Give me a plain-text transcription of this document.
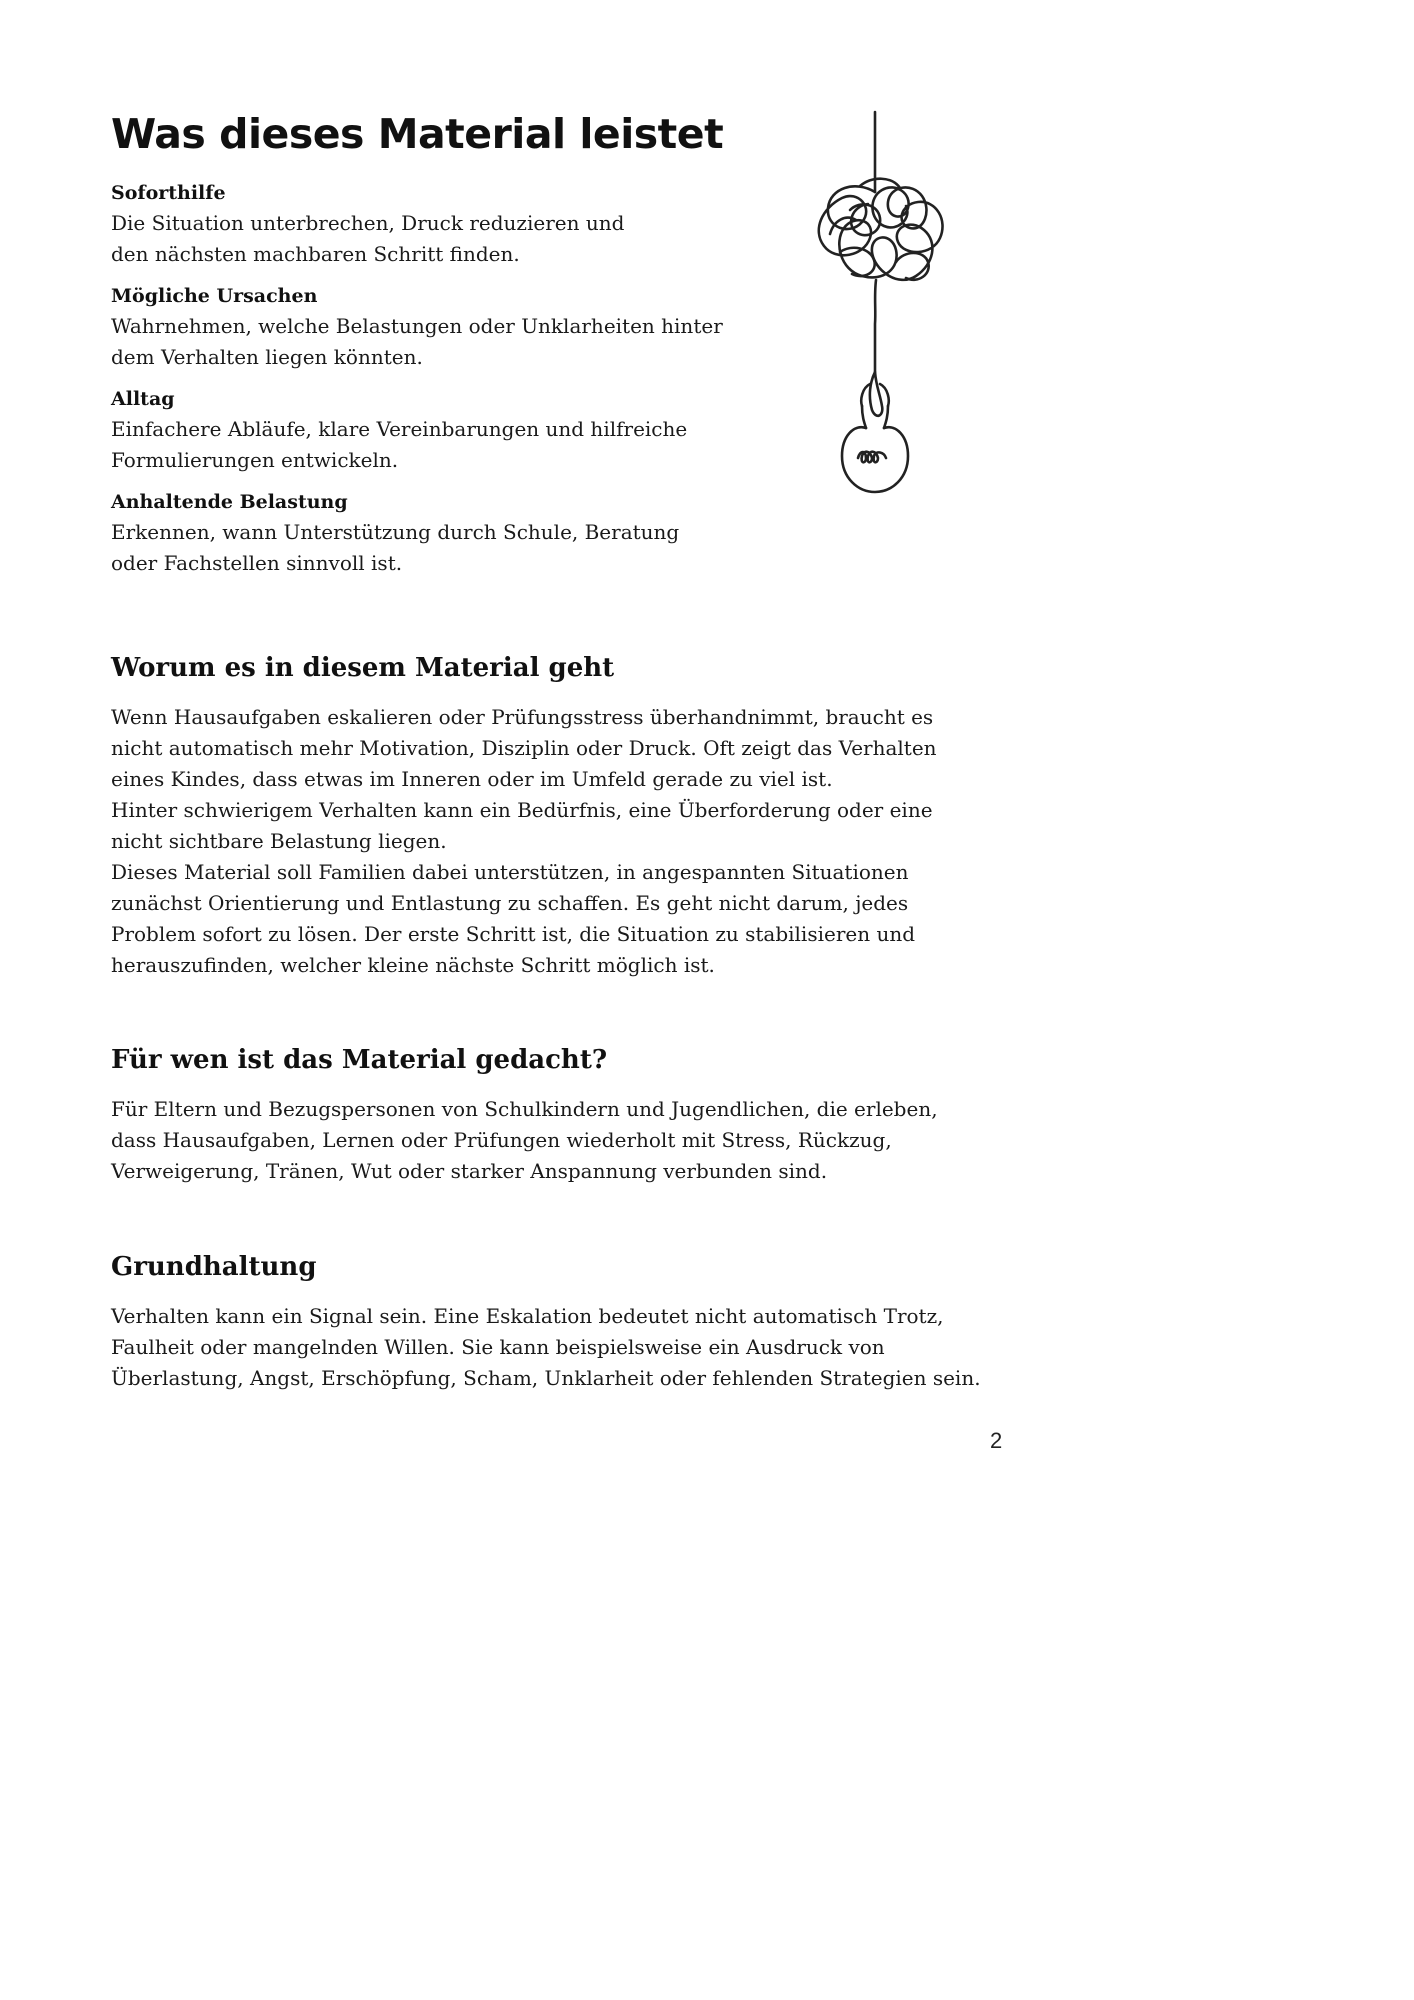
Was dieses Material leistet
Soforthilfe
Die Situation unterbrechen, Druck reduzieren und
den nächsten machbaren Schritt finden.
Mögliche Ursachen
Wahrnehmen, welche Belastungen oder Unklarheiten hinter
dem Verhalten liegen könnten.
Alltag
Einfachere Abläufe, klare Vereinbarungen und hilfreiche
Formulierungen entwickeln.
Anhaltende Belastung
Erkennen, wann Unterstützung durch Schule, Beratung
oder Fachstellen sinnvoll ist.
Worum es in diesem Material geht

Wenn Hausaufgaben eskalieren oder Prüfungsstress überhandnimmt, braucht es

nicht automatisch mehr Motivation, Disziplin oder Druck. Oft zeigt das Verhalten

eines Kindes, dass etwas im Inneren oder im Umfeld gerade zu viel ist.

Hinter schwierigem Verhalten kann ein Bedürfnis, eine Überforderung oder eine

nicht sichtbare Belastung liegen.

Dieses Material soll Familien dabei unterstützen, in angespannten Situationen

zunächst Orientierung und Entlastung zu schaffen. Es geht nicht darum, jedes

Problem sofort zu lösen. Der erste Schritt ist, die Situation zu stabilisieren und

herauszufinden, welcher kleine nächste Schritt möglich ist.

Für wen ist das Material gedacht?

Für Eltern und Bezugspersonen von Schulkindern und Jugendlichen, die erleben,

dass Hausaufgaben, Lernen oder Prüfungen wiederholt mit Stress, Rückzug,

Verweigerung, Tränen, Wut oder starker Anspannung verbunden sind.

Grundhaltung

Verhalten kann ein Signal sein. Eine Eskalation bedeutet nicht automatisch Trotz,

Faulheit oder mangelnden Willen. Sie kann beispielsweise ein Ausdruck von

Überlastung, Angst, Erschöpfung, Scham, Unklarheit oder fehlenden Strategien sein.

2
